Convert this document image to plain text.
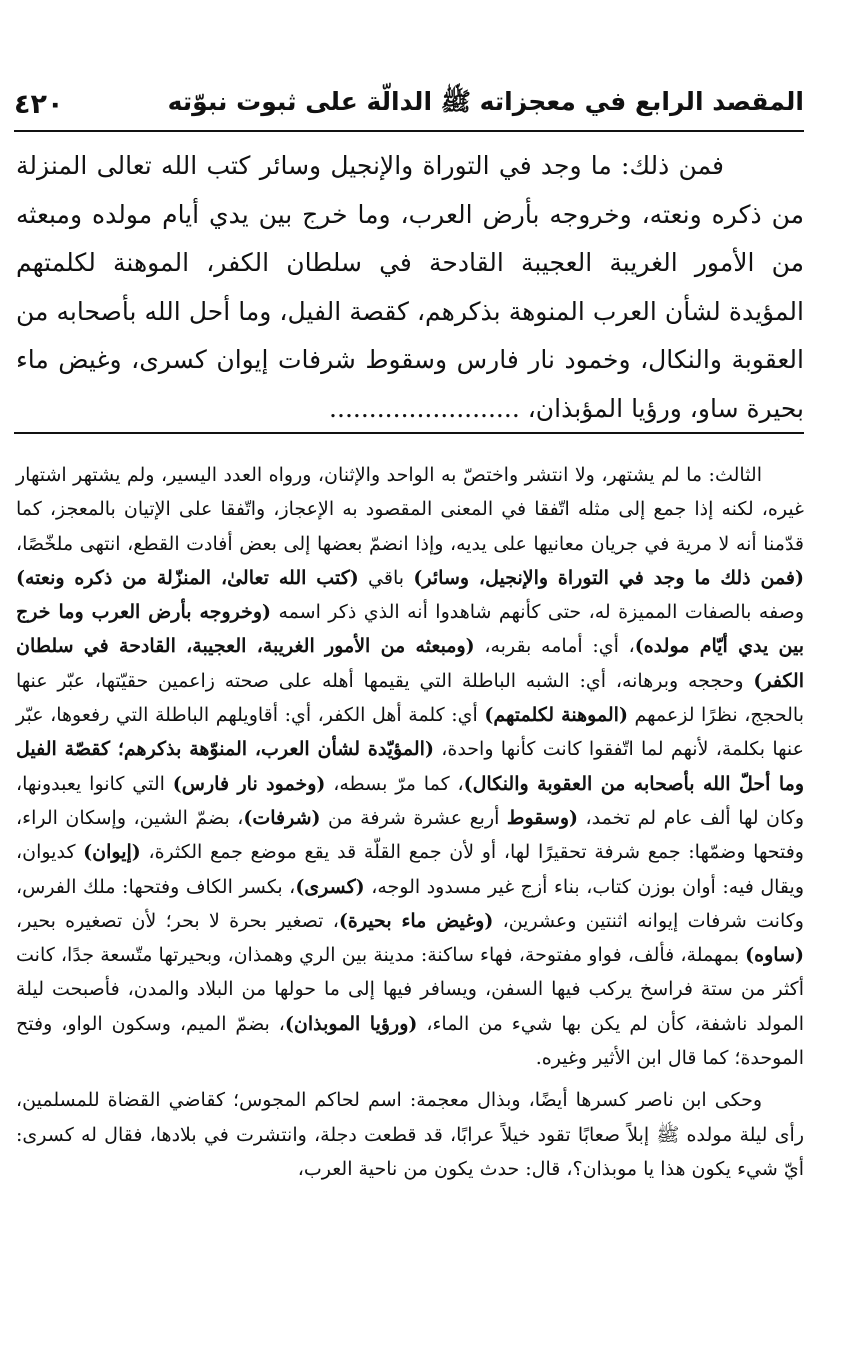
المقصد الرابع في معجزاته ﷺ الدالّة على ثبوت نبوّته
٤٢٠

فمن ذلك: ما وجد في التوراة والإنجيل وسائر كتب الله تعالى المنزلة من ذكره ونعته، وخروجه بأرض العرب، وما خرج بين يدي أيام مولده ومبعثه من الأمور الغريبة العجيبة القادحة في سلطان الكفر، الموهنة لكلمتهم المؤيدة لشأن العرب المنوهة بذكرهم، كقصة الفيل، وما أحل الله بأصحابه من العقوبة والنكال، وخمود نار فارس وسقوط شرفات إيوان كسرى، وغيض ماء بحيرة ساو، ورؤيا المؤبذان، ........................

الثالث: ما لم يشتهر، ولا انتشر واختصّ به الواحد والإثنان، ورواه العدد اليسير، ولم يشتهر اشتهار غيره، لكنه إذا جمع إلى مثله اتّفقا في المعنى المقصود به الإعجاز، واتّفقا على الإتيان بالمعجز، كما قدّمنا أنه لا مرية في جريان معانيها على يديه، وإذا انضمّ بعضها إلى بعض أفادت القطع، انتهى ملخّصًا، (فمن ذلك ما وجد في التوراة والإنجيل، وسائر) باقي (كتب الله تعالىٰ، المنزّلة من ذكره ونعته) وصفه بالصفات المميزة له، حتى كأنهم شاهدوا أنه الذي ذكر اسمه (وخروجه بأرض العرب وما خرج بين يدي أيّام مولده)، أي: أمامه بقربه، (ومبعثه من الأمور الغريبة، العجيبة، القادحة في سلطان الكفر) وحججه وبرهانه، أي: الشبه الباطلة التي يقيمها أهله على صحته زاعمين حقيّتها، عبّر عنها بالحجج، نظرًا لزعمهم (الموهنة لكلمتهم) أي: كلمة أهل الكفر، أي: أقاويلهم الباطلة التي رفعوها، عبّر عنها بكلمة، لأنهم لما اتّفقوا كانت كأنها واحدة، (المؤيّدة لشأن العرب، المنوّهة بذكرهم؛ كقصّة الفيل وما أحلّ الله بأصحابه من العقوبة والنكال)، كما مرّ بسطه، (وخمود نار فارس) التي كانوا يعبدونها، وكان لها ألف عام لم تخمد، (وسقوط أربع عشرة شرفة من (شرفات)، بضمّ الشين، وإسكان الراء، وفتحها وضمّها: جمع شرفة تحقيرًا لها، أو لأن جمع القلّة قد يقع موضع جمع الكثرة، (إيوان) كديوان، ويقال فيه: أوان بوزن كتاب، بناء أزج غير مسدود الوجه، (كسرى)، بكسر الكاف وفتحها: ملك الفرس، وكانت شرفات إيوانه اثنتين وعشرين، (وغيض ماء بحيرة)، تصغير بحرة لا بحر؛ لأن تصغيره بحير، (ساوه) بمهملة، فألف، فواو مفتوحة، فهاء ساكنة: مدينة بين الري وهمذان، وبحيرتها متّسعة جدًا، كانت أكثر من ستة فراسخ يركب فيها السفن، ويسافر فيها إلى ما حولها من البلاد والمدن، فأصبحت ليلة المولد ناشفة، كأن لم يكن بها شيء من الماء، (ورؤيا الموبذان)، بضمّ الميم، وسكون الواو، وفتح الموحدة؛ كما قال ابن الأثير وغيره.

وحكى ابن ناصر كسرها أيضًا، وبذال معجمة: اسم لحاكم المجوس؛ كقاضي القضاة للمسلمين، رأى ليلة مولده ﷺ إبلاً صعابًا تقود خيلاً عرابًا، قد قطعت دجلة، وانتشرت في بلادها، فقال له كسرى: أيّ شيء يكون هذا يا موبذان؟، قال: حدث يكون من ناحية العرب،
